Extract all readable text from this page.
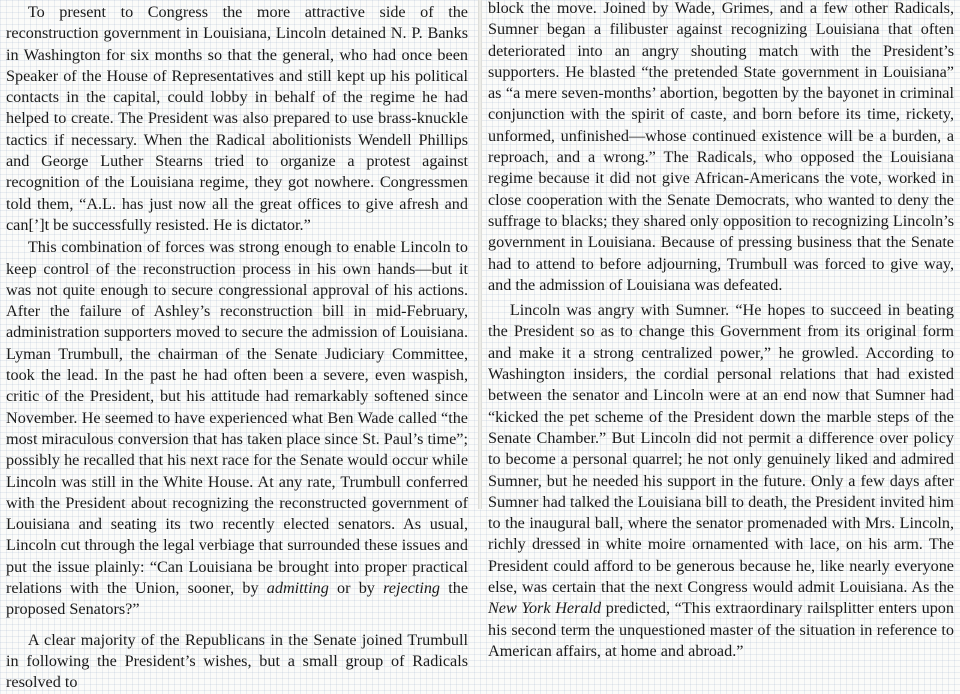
To present to Congress the more attractive side of the reconstruction government in Louisiana, Lincoln detained N. P. Banks in Washington for six months so that the general, who had once been Speaker of the House of Representatives and still kept up his political contacts in the capital, could lobby in behalf of the regime he had helped to create. The President was also prepared to use brass-knuckle tactics if necessary. When the Radical abolitionists Wendell Phillips and George Luther Stearns tried to organize a protest against recognition of the Louisiana regime, they got nowhere. Congressmen told them, “A.L. has just now all the great offices to give afresh and can[’]t be successfully resisted. He is dictator.”

This combination of forces was strong enough to enable Lincoln to keep control of the reconstruction process in his own hands—but it was not quite enough to secure congressional approval of his actions. After the failure of Ashley’s reconstruction bill in mid-February, administration supporters moved to secure the admission of Louisiana. Lyman Trumbull, the chairman of the Senate Judiciary Committee, took the lead. In the past he had often been a severe, even waspish, critic of the President, but his attitude had remarkably softened since November. He seemed to have experienced what Ben Wade called “the most miraculous conversion that has taken place since St. Paul’s time”; possibly he recalled that his next race for the Senate would occur while Lincoln was still in the White House. At any rate, Trumbull conferred with the President about recognizing the reconstructed government of Louisiana and seating its two recently elected senators. As usual, Lincoln cut through the legal verbiage that surrounded these issues and put the issue plainly: “Can Louisiana be brought into proper practical relations with the Union, sooner, by admitting or by rejecting the proposed Senators?”

A clear majority of the Republicans in the Senate joined Trumbull in following the President’s wishes, but a small group of Radicals resolved to

block the move. Joined by Wade, Grimes, and a few other Radicals, Sumner began a filibuster against recognizing Louisiana that often deteriorated into an angry shouting match with the President’s supporters. He blasted “the pretended State government in Louisiana” as “a mere seven-months’ abortion, begotten by the bayonet in criminal conjunction with the spirit of caste, and born before its time, rickety, unformed, unfinished—whose continued existence will be a burden, a reproach, and a wrong.” The Radicals, who opposed the Louisiana regime because it did not give African-Americans the vote, worked in close cooperation with the Senate Democrats, who wanted to deny the suffrage to blacks; they shared only opposition to recognizing Lincoln’s government in Louisiana. Because of pressing business that the Senate had to attend to before adjourning, Trumbull was forced to give way, and the admission of Louisiana was defeated.

Lincoln was angry with Sumner. “He hopes to succeed in beating the President so as to change this Government from its original form and make it a strong centralized power,” he growled. According to Washington insiders, the cordial personal relations that had existed between the senator and Lincoln were at an end now that Sumner had “kicked the pet scheme of the President down the marble steps of the Senate Chamber.” But Lincoln did not permit a difference over policy to become a personal quarrel; he not only genuinely liked and admired Sumner, but he needed his support in the future. Only a few days after Sumner had talked the Louisiana bill to death, the President invited him to the inaugural ball, where the senator promenaded with Mrs. Lincoln, richly dressed in white moire ornamented with lace, on his arm. The President could afford to be generous because he, like nearly everyone else, was certain that the next Congress would admit Louisiana. As the New York Herald predicted, “This extraordinary railsplitter enters upon his second term the unquestioned master of the situation in reference to American affairs, at home and abroad.”
